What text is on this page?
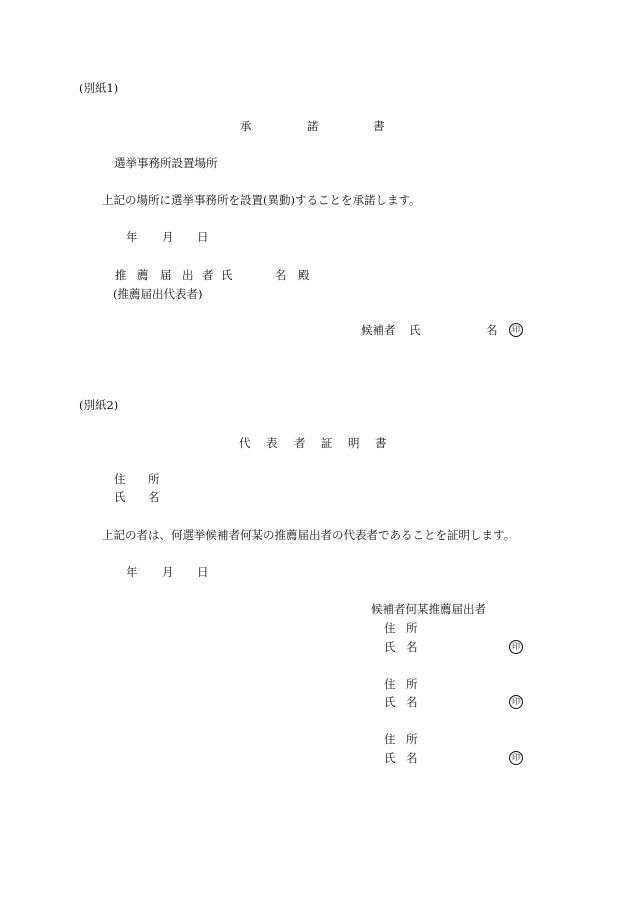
(別紙1)
承	諾	書
選挙事務所設置場所
上記の場所に選挙事務所を設置(異動)することを承諾します。
年 月 日
推 薦 届 出 者 氏	名 殿
(推薦届出代表者)
候補者 氏	名	印
(別紙2)
代 表 者 証 明 書
住 所
氏 名
上記の者は、何選挙候補者何某の推薦届出者の代表者であることを証明します。
年 月 日
候補者何某推薦届出者
住 所
氏 名	印
住 所
氏 名	印
住 所
氏 名	印
